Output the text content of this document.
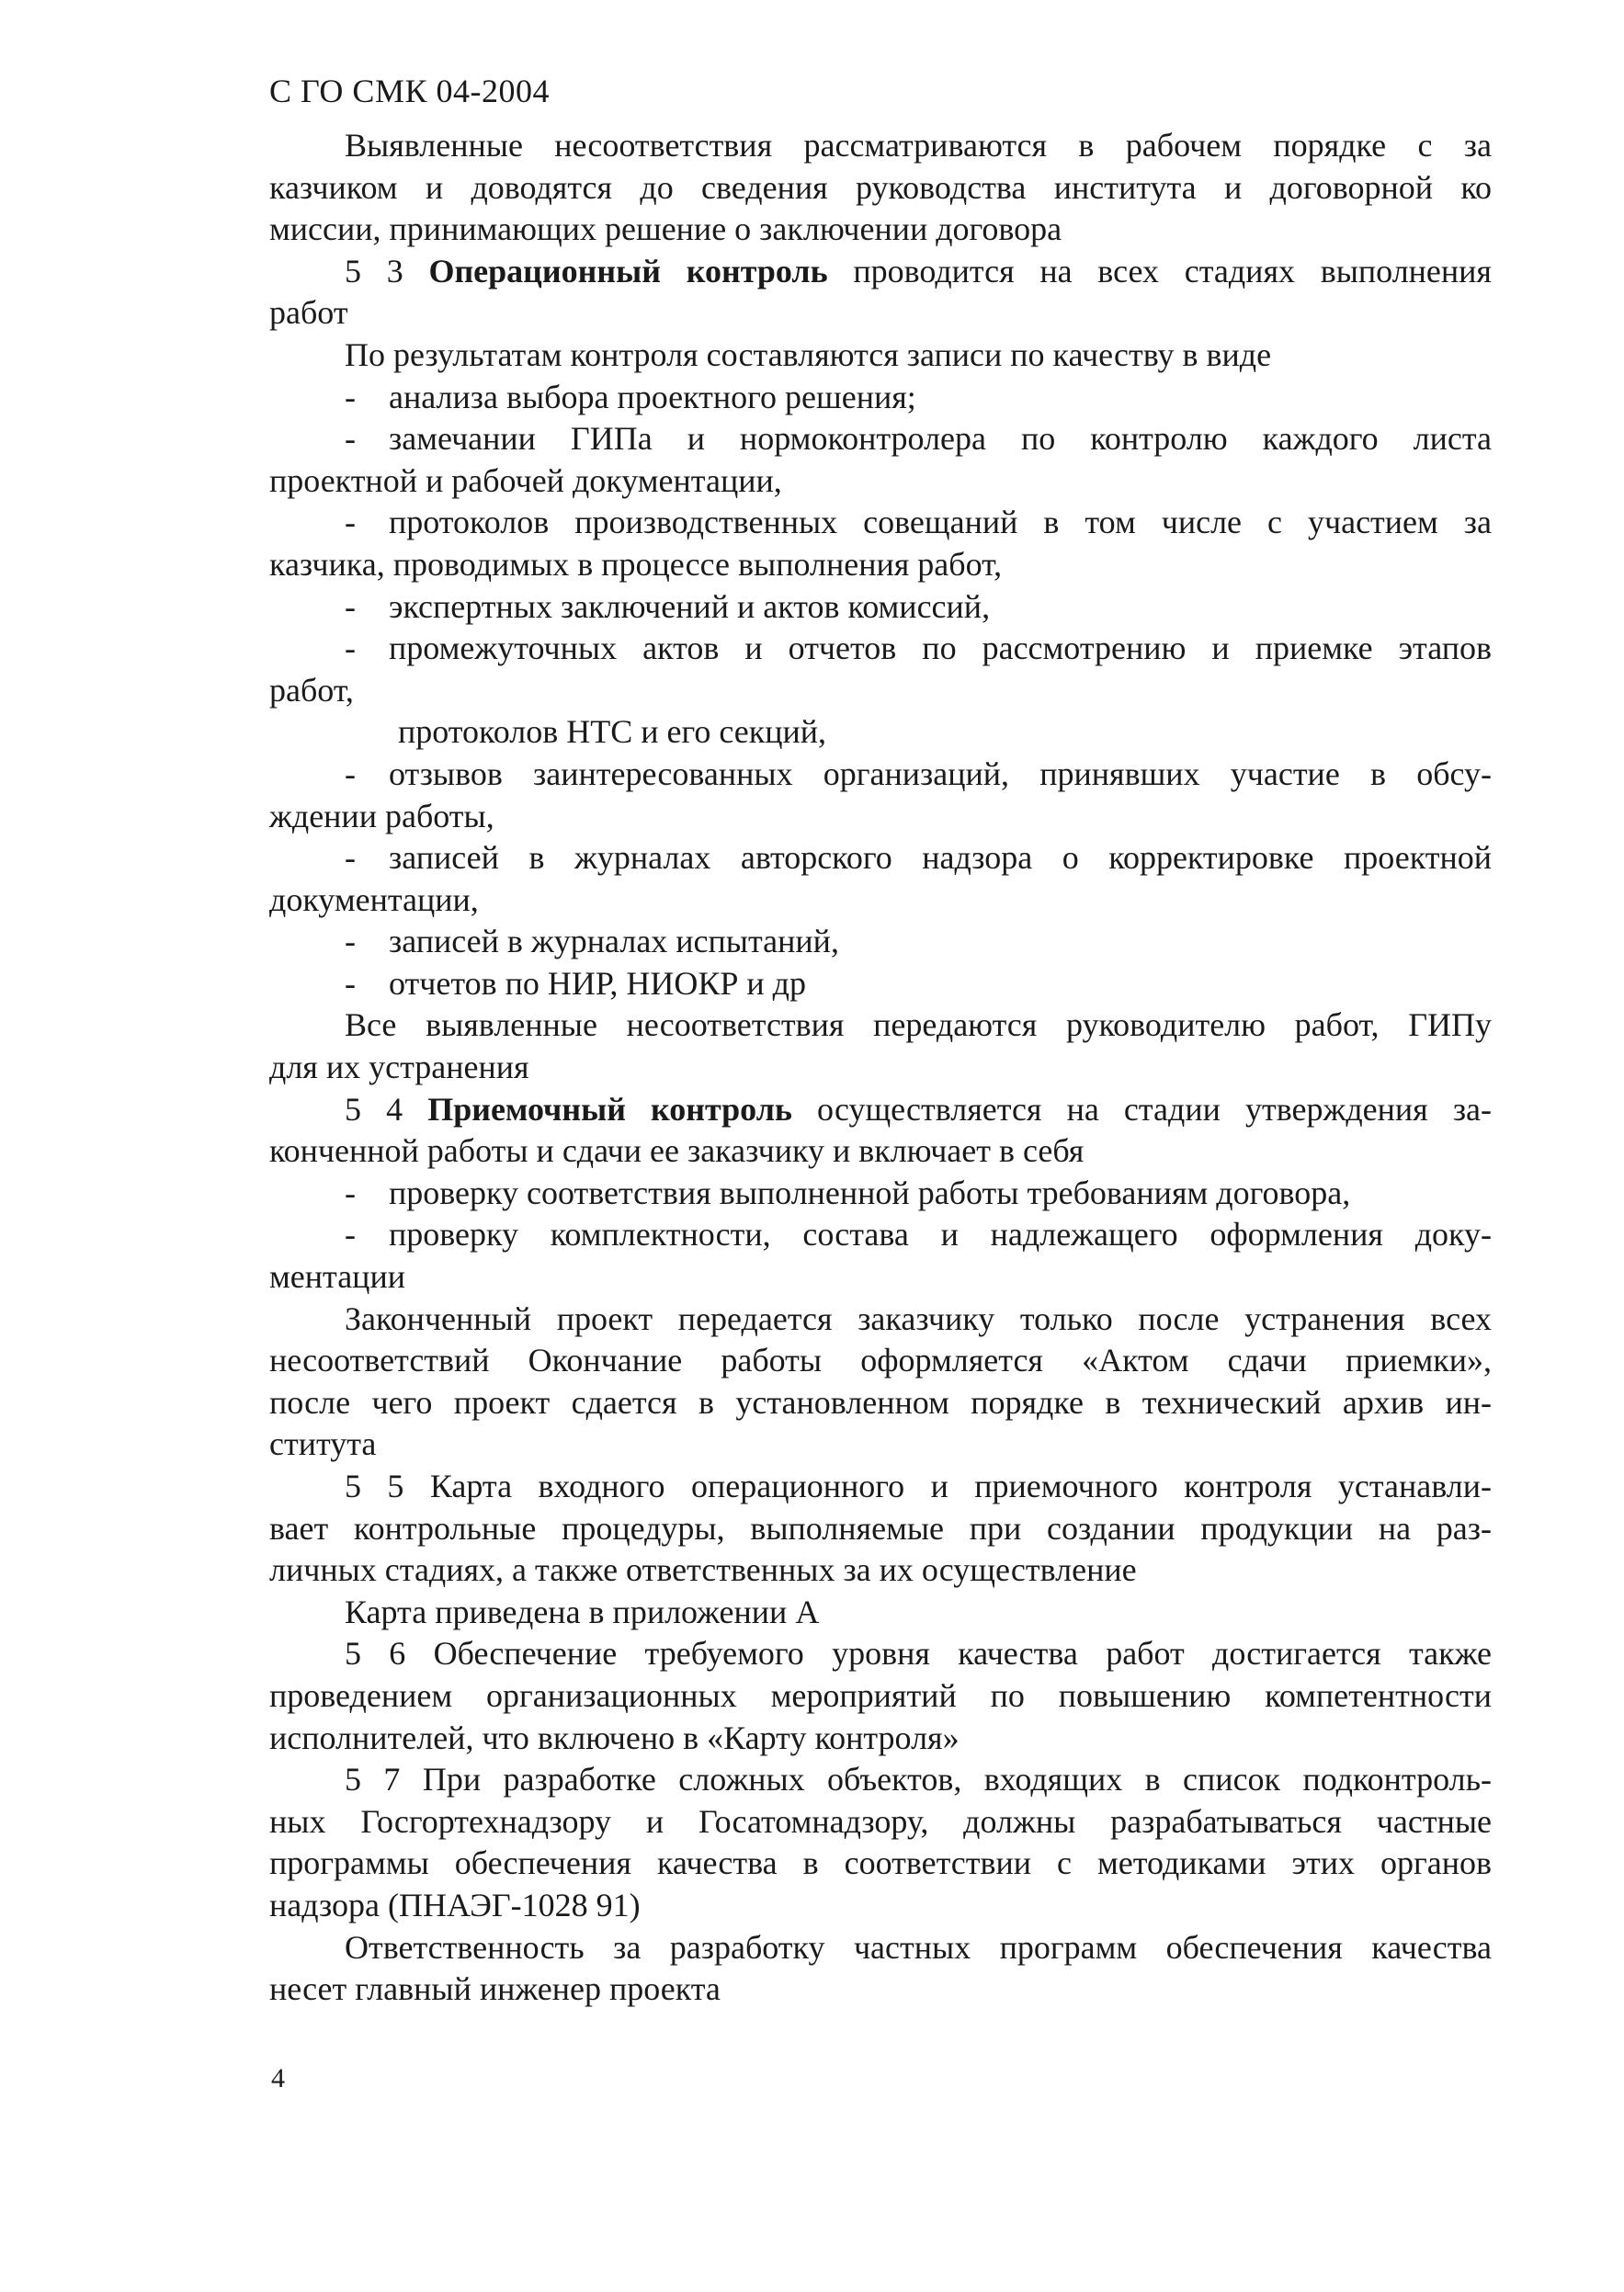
С ГО СМК 04-2004
Выявленные несоответствия рассматриваются в рабочем порядке с за
казчиком и доводятся до сведения руководства института и договорной ко
миссии, принимающих решение о заключении договора
5 3 Операционный контроль проводится на всех стадиях выполнения
работ
По результатам контроля составляются записи по качеству в виде
- анализа выбора проектного решения;
- замечании ГИПа и нормоконтролера по контролю каждого листа
проектной и рабочей документации,
- протоколов производственных совещаний в том числе с участием за
казчика, проводимых в процессе выполнения работ,
- экспертных заключений и актов комиссий,
- промежуточных актов и отчетов по рассмотрению и приемке этапов
работ,
протоколов НТС и его секций,
- отзывов заинтересованных организаций, принявших участие в обсу-
ждении работы,
- записей в журналах авторского надзора о корректировке проектной
документации,
- записей в журналах испытаний,
- отчетов по НИР, НИОКР и др
Все выявленные несоответствия передаются руководителю работ, ГИПу
для их устранения
5 4 Приемочный контроль осуществляется на стадии утверждения за-
конченной работы и сдачи ее заказчику и включает в себя
- проверку соответствия выполненной работы требованиям договора,
- проверку комплектности, состава и надлежащего оформления доку-
ментации
Законченный проект передается заказчику только после устранения всех
несоответствий Окончание работы оформляется «Актом сдачи приемки»,
после чего проект сдается в установленном порядке в технический архив ин-
ститута
5 5 Карта входного операционного и приемочного контроля устанавли-
вает контрольные процедуры, выполняемые при создании продукции на раз-
личных стадиях, а также ответственных за их осуществление
Карта приведена в приложении А
5 6 Обеспечение требуемого уровня качества работ достигается также
проведением организационных мероприятий по повышению компетентности
исполнителей, что включено в «Карту контроля»
5 7 При разработке сложных объектов, входящих в список подконтроль-
ных Госгортехнадзору и Госатомнадзору, должны разрабатываться частные
программы обеспечения качества в соответствии с методиками этих органов
надзора (ПНАЭГ-1028 91)
Ответственность за разработку частных программ обеспечения качества
несет главный инженер проекта
4
